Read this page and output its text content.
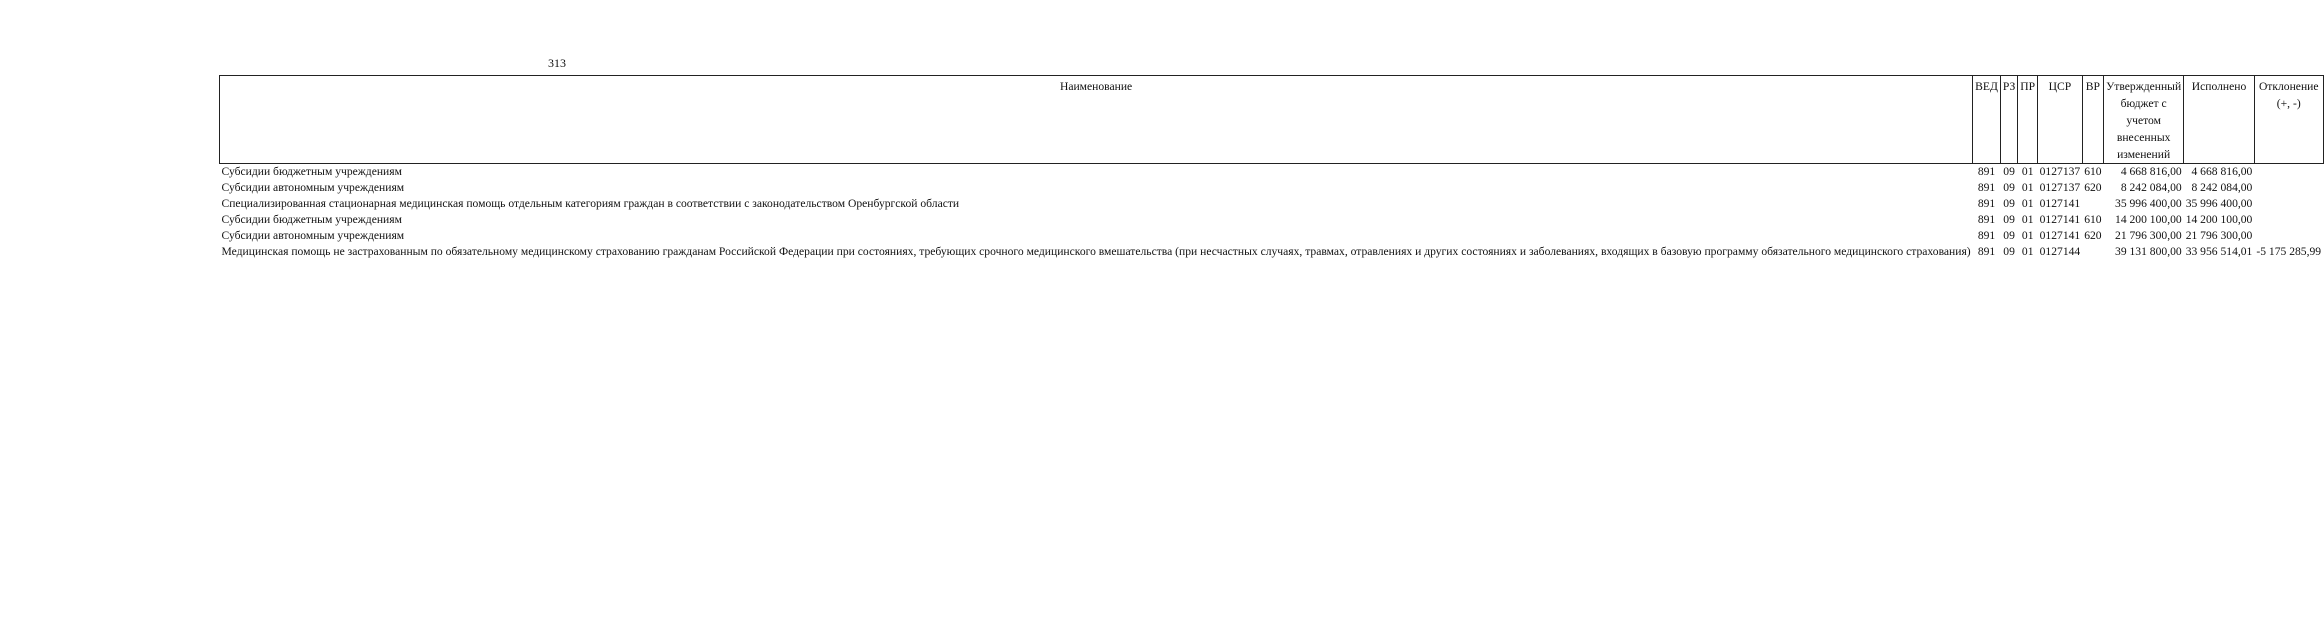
313
Наименование	ВЕД	РЗ	ПР	ЦСР	ВР	Утвержденный бюджет с учетом внесенных изменений	Исполнено	Отклонение (+, -)
Субсидии бюджетным учреждениям	891	09	01	0127137	610	4 668 816,00	4 668 816,00	
Субсидии автономным учреждениям	891	09	01	0127137	620	8 242 084,00	8 242 084,00	
Специализированная стационарная медицинская помощь отдельным категориям граждан в соответствии с законодательством Оренбургской области	891	09	01	0127141		35 996 400,00	35 996 400,00	
Субсидии бюджетным учреждениям	891	09	01	0127141	610	14 200 100,00	14 200 100,00	
Субсидии автономным учреждениям	891	09	01	0127141	620	21 796 300,00	21 796 300,00	
Медицинская помощь не застрахованным по обязательному медицинскому страхованию гражданам Российской Федерации при состояниях, требующих срочного медицинского вмешательства (при несчастных случаях, травмах, отравлениях и других состояниях и заболеваниях, входящих в базовую программу обязательного медицинского страхования)	891	09	01	0127144		39 131 800,00	33 956 514,01	-5 175 285,99
